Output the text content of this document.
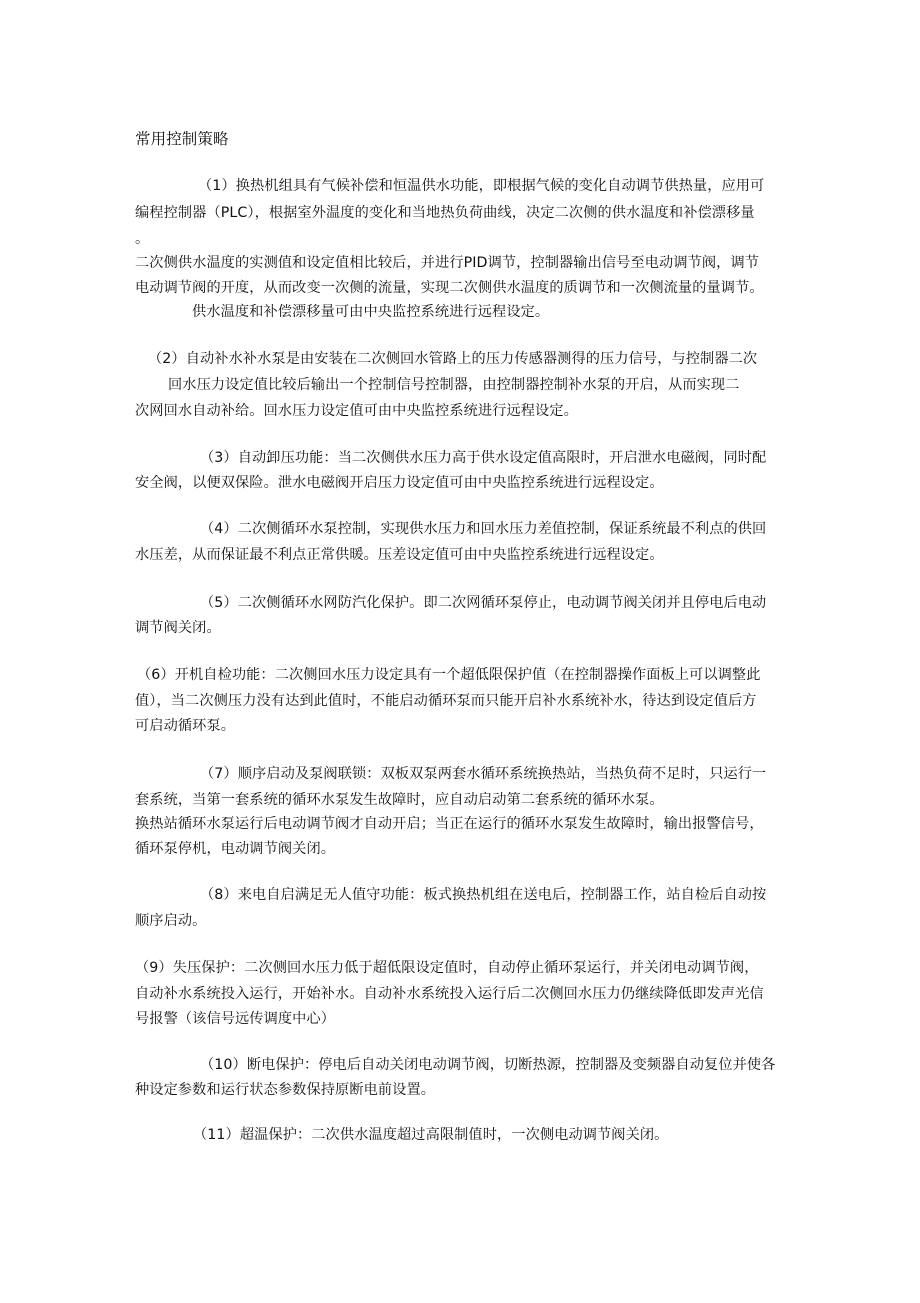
常用控制策略
（1）换热机组具有气候补偿和恒温供水功能，即根据气候的变化自动调节供热量，应用可
编程控制器（PLC），根据室外温度的变化和当地热负荷曲线，决定二次侧的供水温度和补偿漂移量
。
二次侧供水温度的实测值和设定值相比较后，并进行PID调节，控制器输出信号至电动调节阀，调节
电动调节阀的开度，从而改变一次侧的流量，实现二次侧供水温度的质调节和一次侧流量的量调节。
供水温度和补偿漂移量可由中央监控系统进行远程设定。
（2）自动补水补水泵是由安装在二次侧回水管路上的压力传感器测得的压力信号，与控制器二次
回水压力设定值比较后输出一个控制信号控制器，由控制器控制补水泵的开启，从而实现二
次网回水自动补给。回水压力设定值可由中央监控系统进行远程设定。
（3）自动卸压功能：当二次侧供水压力高于供水设定值高限时，开启泄水电磁阀，同时配
安全阀，以便双保险。泄水电磁阀开启压力设定值可由中央监控系统进行远程设定。
（4）二次侧循环水泵控制，实现供水压力和回水压力差值控制，保证系统最不利点的供回
水压差，从而保证最不利点正常供暖。压差设定值可由中央监控系统进行远程设定。
（5）二次侧循环水网防汽化保护。即二次网循环泵停止，电动调节阀关闭并且停电后电动
调节阀关闭。
（6）开机自检功能：二次侧回水压力设定具有一个超低限保护值（在控制器操作面板上可以调整此
值），当二次侧压力没有达到此值时，不能启动循环泵而只能开启补水系统补水，待达到设定值后方
可启动循环泵。
（7）顺序启动及泵阀联锁：双板双泵两套水循环系统换热站，当热负荷不足时，只运行一
套系统，当第一套系统的循环水泵发生故障时，应自动启动第二套系统的循环水泵。
换热站循环水泵运行后电动调节阀才自动开启；当正在运行的循环水泵发生故障时，输出报警信号，
循环泵停机，电动调节阀关闭。
（8）来电自启满足无人值守功能：板式换热机组在送电后，控制器工作，站自检后自动按
顺序启动。
（9）失压保护：二次侧回水压力低于超低限设定值时，自动停止循环泵运行，并关闭电动调节阀，
自动补水系统投入运行，开始补水。自动补水系统投入运行后二次侧回水压力仍继续降低即发声光信
号报警（该信号远传调度中心）
（10）断电保护：停电后自动关闭电动调节阀，切断热源，控制器及变频器自动复位并使各
种设定参数和运行状态参数保持原断电前设置。
（11）超温保护：二次供水温度超过高限制值时，一次侧电动调节阀关闭。
